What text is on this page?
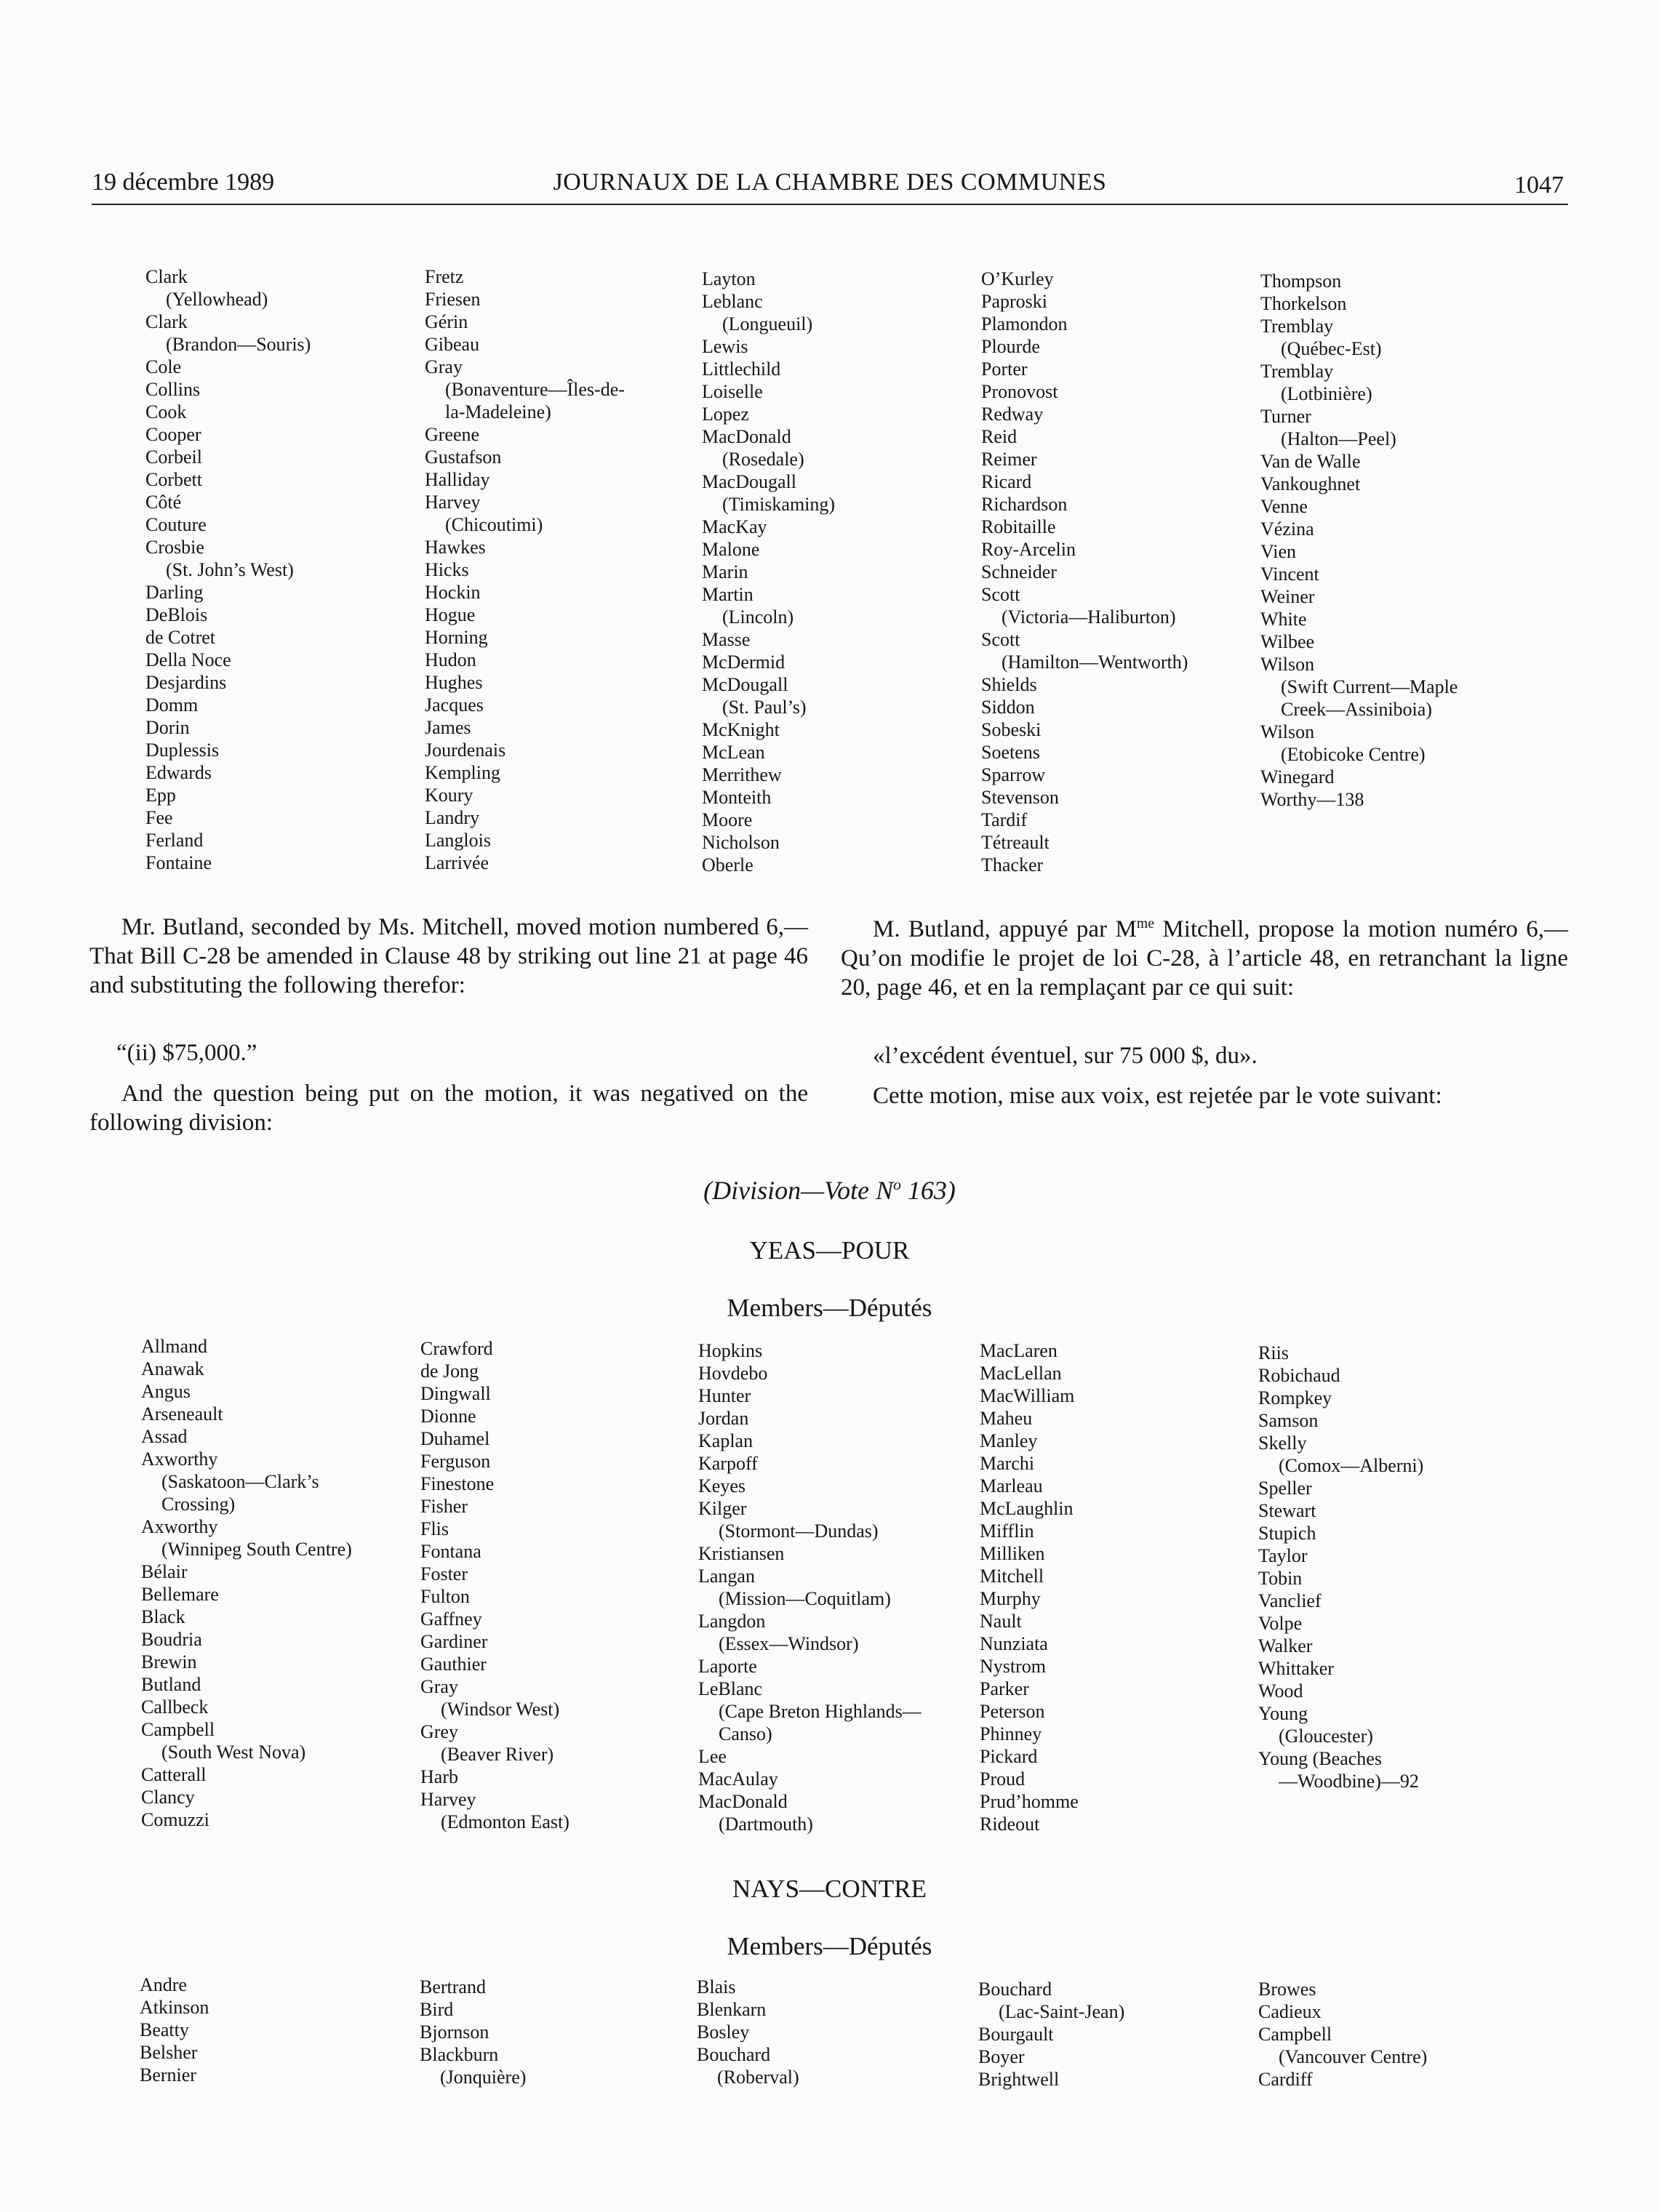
19 décembre 1989	JOURNAUX DE LA CHAMBRE DES COMMUNES	1047
Clark
(Yellowhead)
Clark
(Brandon—Souris)
Cole
Collins
Cook
Cooper
Corbeil
Corbett
Côté
Couture
Crosbie
(St. John’s West)
Darling
DeBlois
de Cotret
Della Noce
Desjardins
Domm
Dorin
Duplessis
Edwards
Epp
Fee
Ferland
Fontaine
Fretz
Friesen
Gérin
Gibeau
Gray
(Bonaventure—Îles-de-
la-Madeleine)
Greene
Gustafson
Halliday
Harvey
(Chicoutimi)
Hawkes
Hicks
Hockin
Hogue
Horning
Hudon
Hughes
Jacques
James
Jourdenais
Kempling
Koury
Landry
Langlois
Larrivée
Layton
Leblanc
(Longueuil)
Lewis
Littlechild
Loiselle
Lopez
MacDonald
(Rosedale)
MacDougall
(Timiskaming)
MacKay
Malone
Marin
Martin
(Lincoln)
Masse
McDermid
McDougall
(St. Paul’s)
McKnight
McLean
Merrithew
Monteith
Moore
Nicholson
Oberle
O’Kurley
Paproski
Plamondon
Plourde
Porter
Pronovost
Redway
Reid
Reimer
Ricard
Richardson
Robitaille
Roy-Arcelin
Schneider
Scott
(Victoria—Haliburton)
Scott
(Hamilton—Wentworth)
Shields
Siddon
Sobeski
Soetens
Sparrow
Stevenson
Tardif
Tétreault
Thacker
Thompson
Thorkelson
Tremblay
(Québec-Est)
Tremblay
(Lotbinière)
Turner
(Halton—Peel)
Van de Walle
Vankoughnet
Venne
Vézina
Vien
Vincent
Weiner
White
Wilbee
Wilson
(Swift Current—Maple
Creek—Assiniboia)
Wilson
(Etobicoke Centre)
Winegard
Worthy—138

Mr. Butland, seconded by Ms. Mitchell, moved motion numbered 6,—That Bill C-28 be amended in Clause 48 by striking out line 21 at page 46 and substituting the following therefor:

“(ii) $75,000.”

And the question being put on the motion, it was negatived on the following division:

M. Butland, appuyé par $M^{me}$ Mitchell, propose la motion numéro 6,—Qu’on modifie le projet de loi C-28, à l’article 48, en retranchant la ligne 20, page 46, et en la remplaçant par ce qui suit:

«l’excédent éventuel, sur 75 000 $, du».

Cette motion, mise aux voix, est rejetée par le vote suivant:

(Division—Vote $N^o$ 163)
YEAS—POUR
Members—Députés
Allmand
Anawak
Angus
Arseneault
Assad
Axworthy
(Saskatoon—Clark’s
Crossing)
Axworthy
(Winnipeg South Centre)
Bélair
Bellemare
Black
Boudria
Brewin
Butland
Callbeck
Campbell
(South West Nova)
Catterall
Clancy
Comuzzi
Crawford
de Jong
Dingwall
Dionne
Duhamel
Ferguson
Finestone
Fisher
Flis
Fontana
Foster
Fulton
Gaffney
Gardiner
Gauthier
Gray
(Windsor West)
Grey
(Beaver River)
Harb
Harvey
(Edmonton East)
Hopkins
Hovdebo
Hunter
Jordan
Kaplan
Karpoff
Keyes
Kilger
(Stormont—Dundas)
Kristiansen
Langan
(Mission—Coquitlam)
Langdon
(Essex—Windsor)
Laporte
LeBlanc
(Cape Breton Highlands—
Canso)
Lee
MacAulay
MacDonald
(Dartmouth)
MacLaren
MacLellan
MacWilliam
Maheu
Manley
Marchi
Marleau
McLaughlin
Mifflin
Milliken
Mitchell
Murphy
Nault
Nunziata
Nystrom
Parker
Peterson
Phinney
Pickard
Proud
Prud’homme
Rideout
Riis
Robichaud
Rompkey
Samson
Skelly
(Comox—Alberni)
Speller
Stewart
Stupich
Taylor
Tobin
Vanclief
Volpe
Walker
Whittaker
Wood
Young
(Gloucester)
Young (Beaches
—Woodbine)—92
NAYS—CONTRE
Members—Députés
Andre
Atkinson
Beatty
Belsher
Bernier
Bertrand
Bird
Bjornson
Blackburn
(Jonquière)
Blais
Blenkarn
Bosley
Bouchard
(Roberval)
Bouchard
(Lac-Saint-Jean)
Bourgault
Boyer
Brightwell
Browes
Cadieux
Campbell
(Vancouver Centre)
Cardiff
